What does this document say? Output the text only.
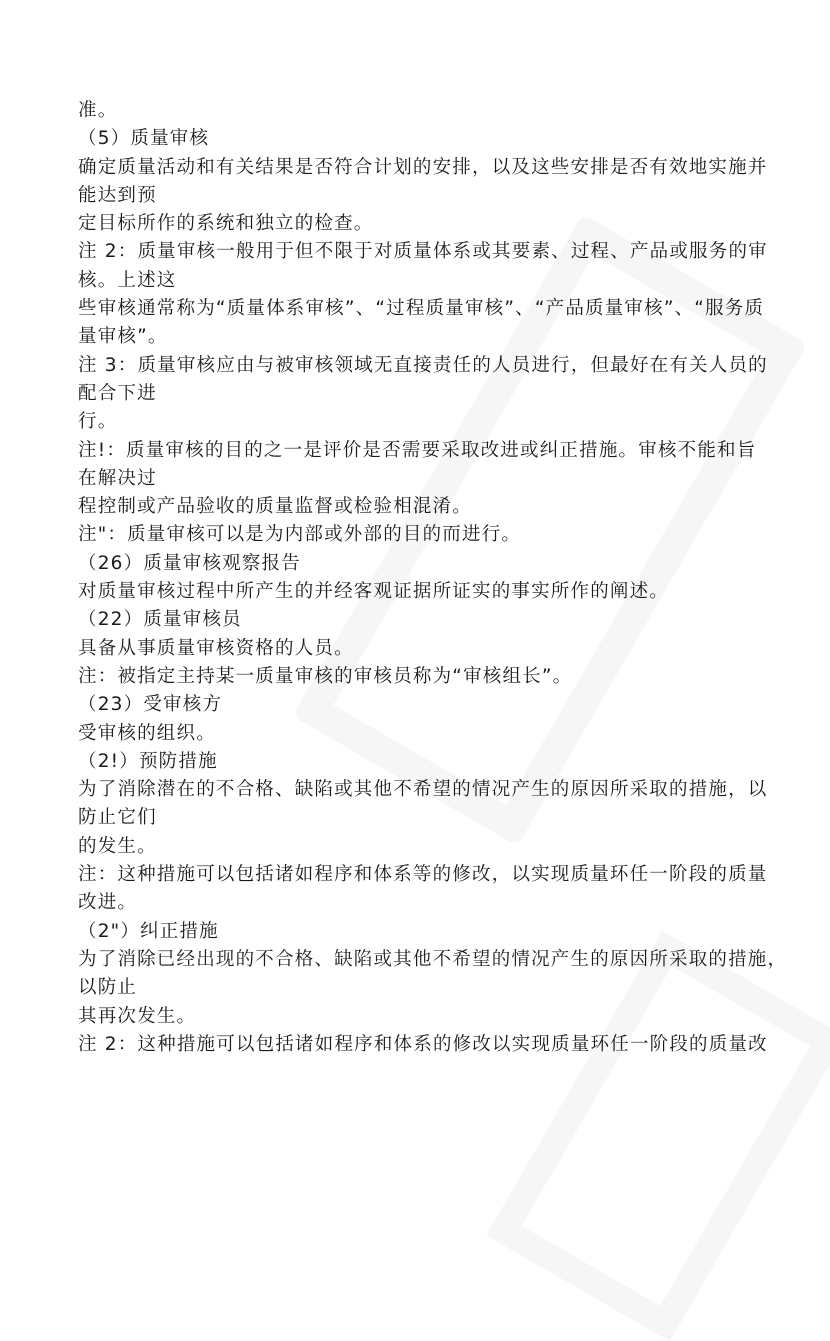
准。
（5）质量审核
确定质量活动和有关结果是否符合计划的安排，以及这些安排是否有效地实施并
能达到预
定目标所作的系统和独立的检查。
注 2：质量审核一般用于但不限于对质量体系或其要素、过程、产品或服务的审
核。上述这
些审核通常称为“质量体系审核”、“过程质量审核”、“产品质量审核”、“服务质
量审核”。
注 3：质量审核应由与被审核领域无直接责任的人员进行，但最好在有关人员的
配合下进
行。
注!：质量审核的目的之一是评价是否需要采取改进或纠正措施。审核不能和旨
在解决过
程控制或产品验收的质量监督或检验相混淆。
注"：质量审核可以是为内部或外部的目的而进行。
（26）质量审核观察报告
对质量审核过程中所产生的并经客观证据所证实的事实所作的阐述。
（22）质量审核员
具备从事质量审核资格的人员。
注：被指定主持某一质量审核的审核员称为“审核组长”。
（23）受审核方
受审核的组织。
（2!）预防措施
为了消除潜在的不合格、缺陷或其他不希望的情况产生的原因所采取的措施，以
防止它们
的发生。
注：这种措施可以包括诸如程序和体系等的修改，以实现质量环任一阶段的质量
改进。
（2"）纠正措施
为了消除已经出现的不合格、缺陷或其他不希望的情况产生的原因所采取的措施，
以防止
其再次发生。
注 2：这种措施可以包括诸如程序和体系的修改以实现质量环任一阶段的质量改
